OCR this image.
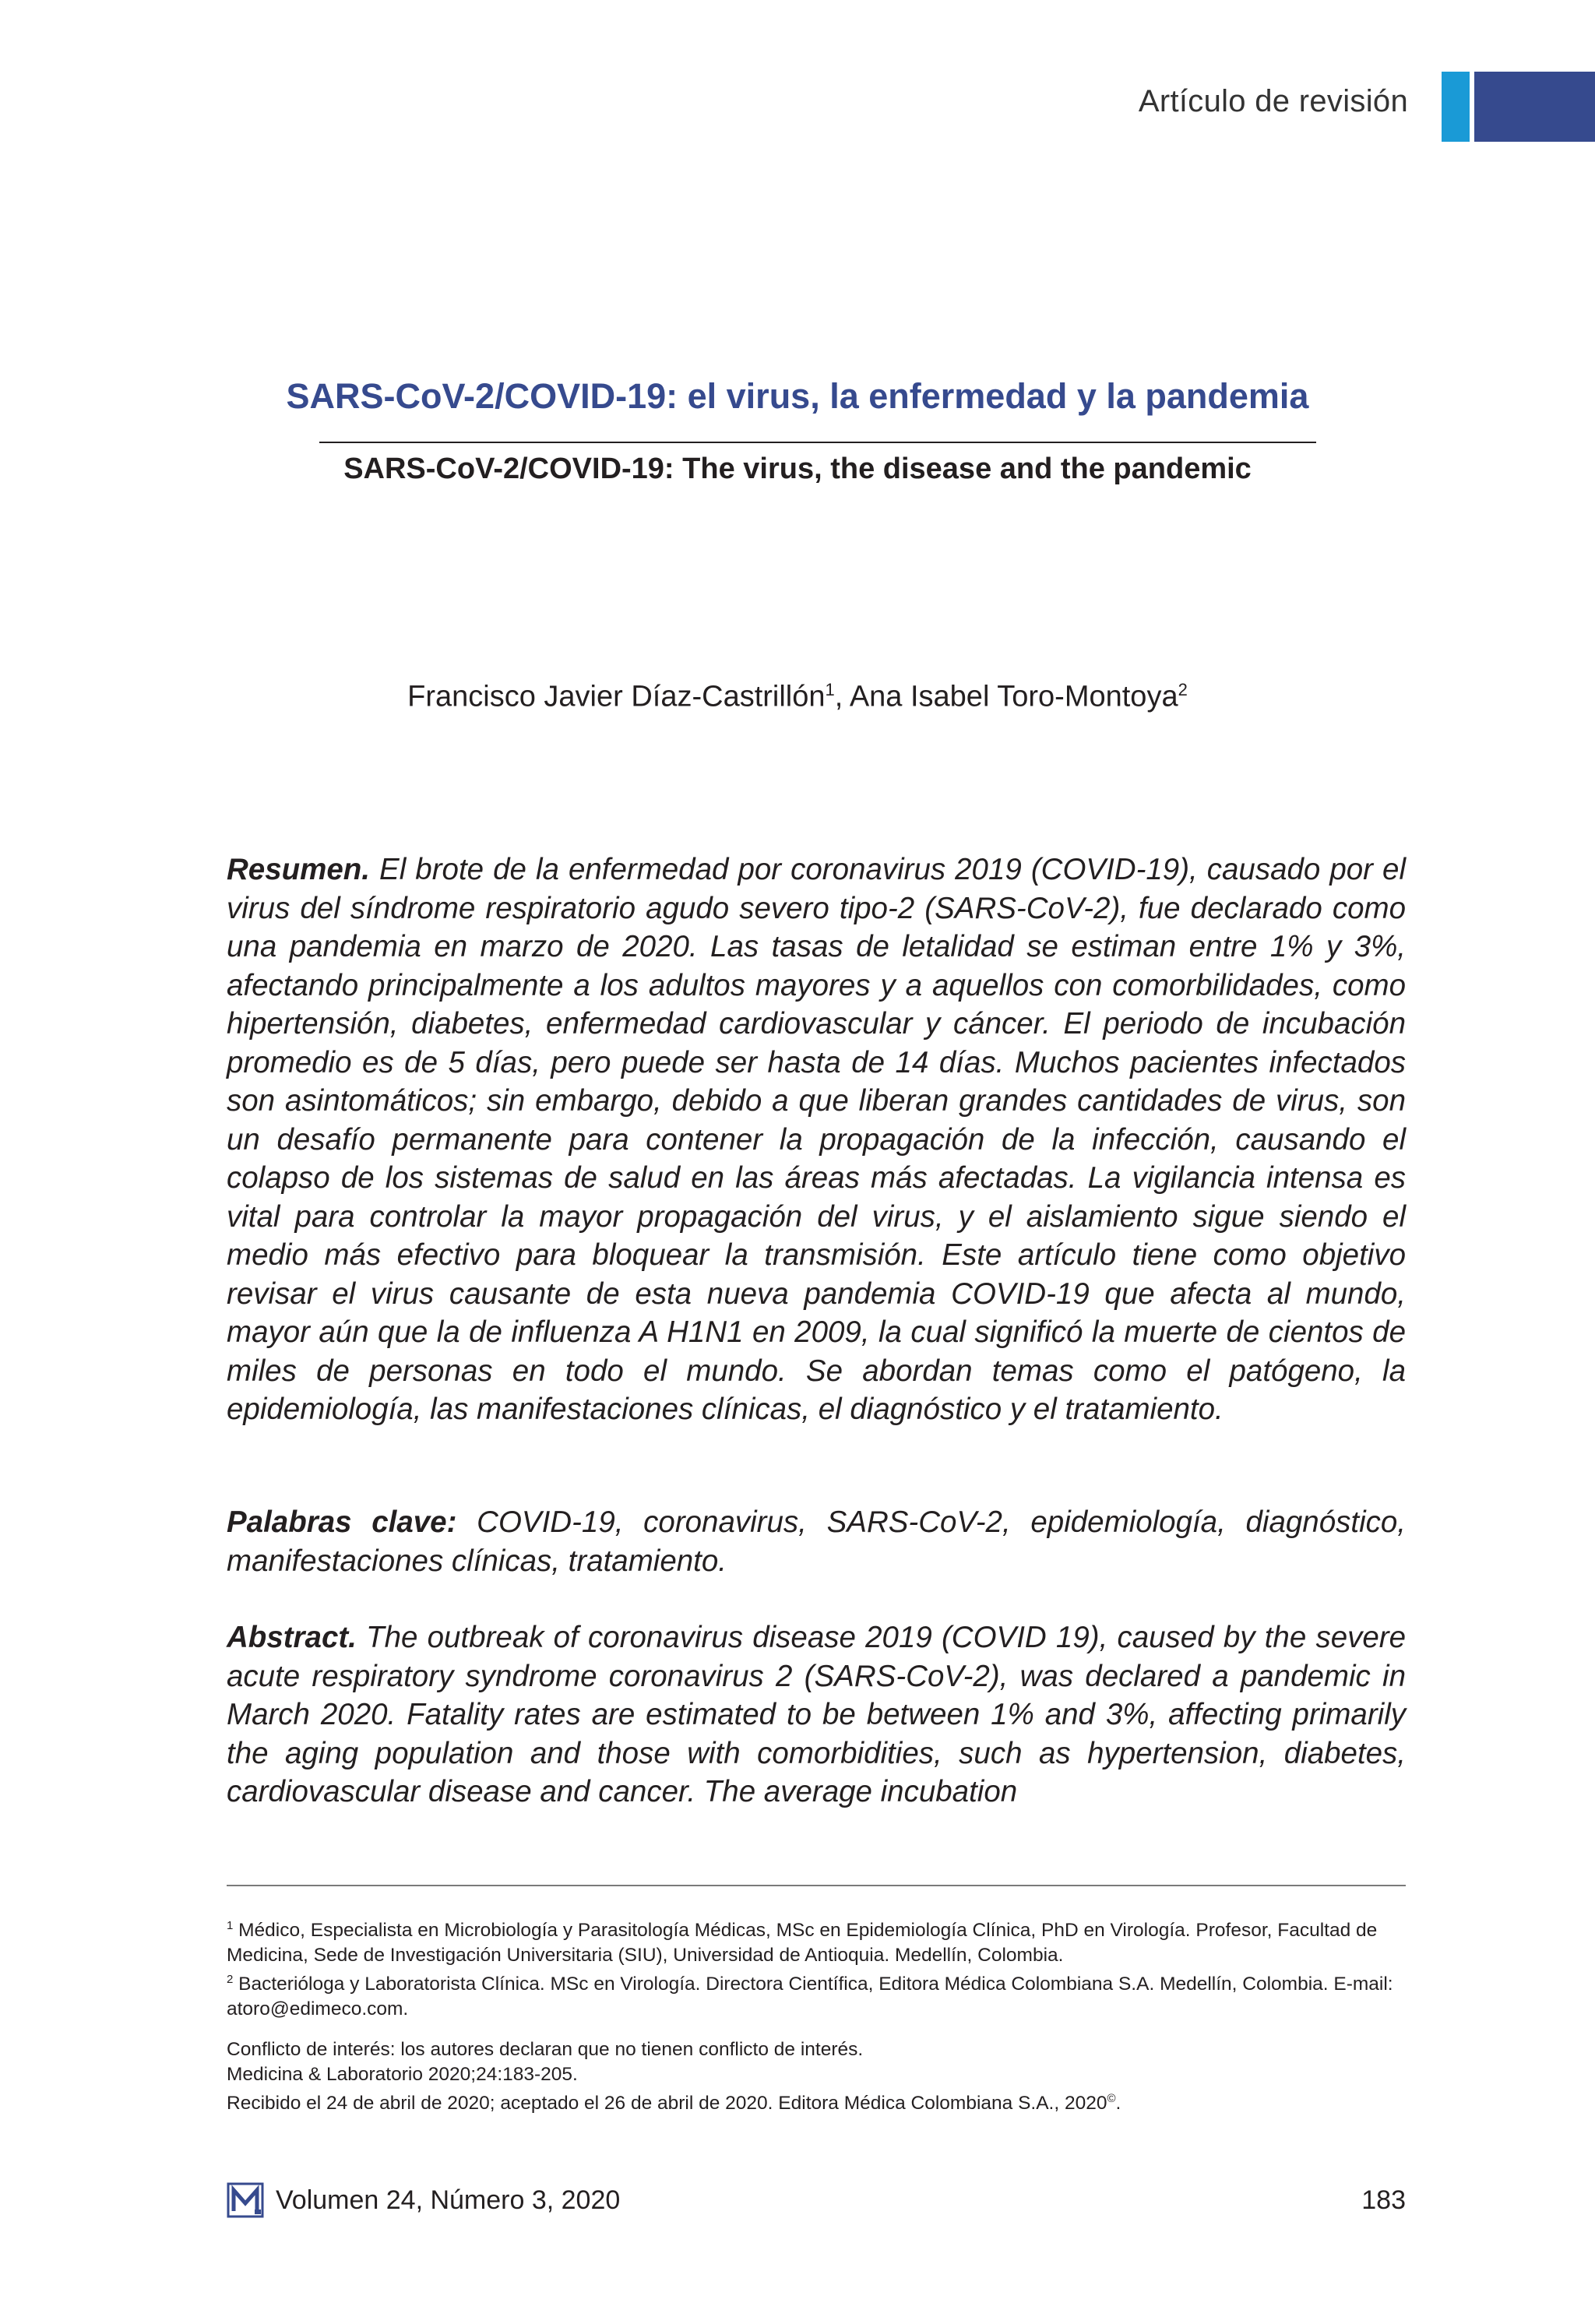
Artículo de revisión
SARS-CoV-2/COVID-19: el virus, la enfermedad y la pandemia
SARS-CoV-2/COVID-19: The virus, the disease and the pandemic
Francisco Javier Díaz-Castrillón$^1$, Ana Isabel Toro-Montoya$^2$
Resumen. El brote de la enfermedad por coronavirus 2019 (COVID-19), causado por el virus del síndrome respiratorio agudo severo tipo-2 (SARS-CoV-2), fue declarado como una pandemia en marzo de 2020. Las tasas de letalidad se estiman entre 1% y 3%, afectando principalmente a los adultos mayores y a aquellos con comorbilidades, como hipertensión, diabetes, enfermedad cardiovascular y cáncer. El periodo de incubación promedio es de 5 días, pero puede ser hasta de 14 días. Muchos pacientes infectados son asintomáticos; sin embargo, debido a que liberan grandes cantidades de virus, son un desafío permanente para contener la propagación de la infección, causando el colapso de los sistemas de salud en las áreas más afectadas. La vigilancia intensa es vital para controlar la mayor propagación del virus, y el aislamiento sigue siendo el medio más efectivo para bloquear la transmisión. Este artículo tiene como objetivo revisar el virus causante de esta nueva pandemia COVID-19 que afecta al mundo, mayor aún que la de influenza A H1N1 en 2009, la cual significó la muerte de cientos de miles de personas en todo el mundo. Se abordan temas como el patógeno, la epidemiología, las manifestaciones clínicas, el diagnóstico y el tratamiento.
Palabras clave: COVID-19, coronavirus, SARS-CoV-2, epidemiología, diagnóstico, manifestaciones clínicas, tratamiento.
Abstract. The outbreak of coronavirus disease 2019 (COVID 19), caused by the severe acute respiratory syndrome coronavirus 2 (SARS-CoV-2), was declared a pandemic in March 2020. Fatality rates are estimated to be between 1% and 3%, affecting primarily the aging population and those with comorbidities, such as hypertension, diabetes, cardiovascular disease and cancer. The average incubation
$^1$ Médico, Especialista en Microbiología y Parasitología Médicas, MSc en Epidemiología Clínica, PhD en Virología. Profesor, Facultad de Medicina, Sede de Investigación Universitaria (SIU), Universidad de Antioquia. Medellín, Colombia.
$^2$ Bacterióloga y Laboratorista Clínica. MSc en Virología. Directora Científica, Editora Médica Colombiana S.A. Medellín, Colombia. E-mail: atoro@edimeco.com.
Conflicto de interés: los autores declaran que no tienen conflicto de interés.
Medicina & Laboratorio 2020;24:183-205.
Recibido el 24 de abril de 2020; aceptado el 26 de abril de 2020. Editora Médica Colombiana S.A., 2020©.
Volumen 24, Número 3, 2020	183
